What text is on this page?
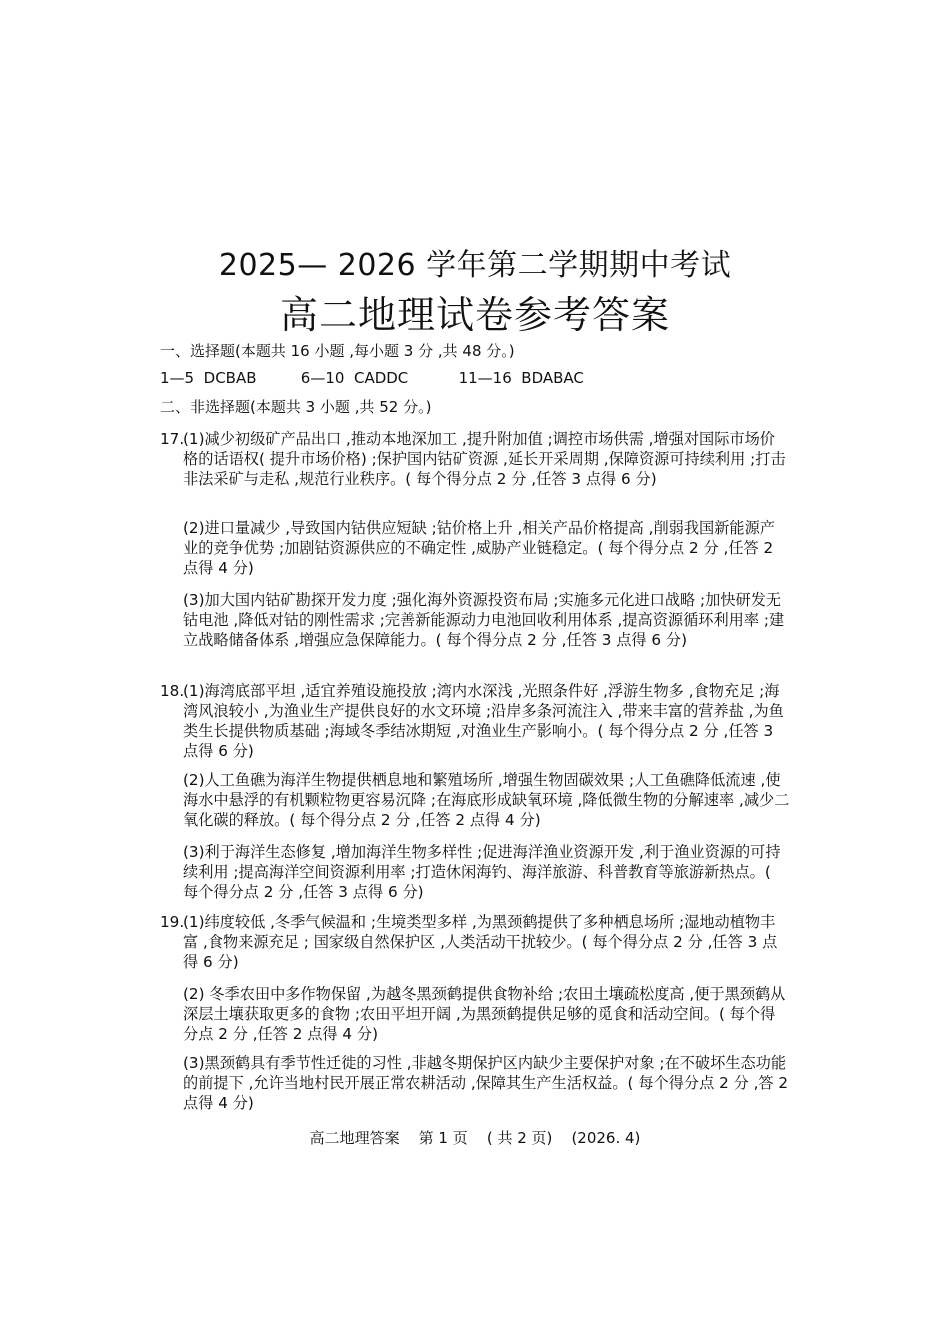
2025— 2026 学年第二学期期中考试
高二地理试卷参考答案
一、选择题(本题共 16 小题 ,每小题 3 分 ,共 48 分。)
1—5 DCBAB	6—10 CADDC	11—16 BDABAC
二、非选择题(本题共 3 小题 ,共 52 分。)
17.
(1)减少初级矿产品出口 ,推动本地深加工 ,提升附加值 ;调控市场供需 ,增强对国际市场价格的话语权( 提升市场价格) ;保护国内钴矿资源 ,延长开采周期 ,保障资源可持续利用 ;打击非法采矿与走私 ,规范行业秩序。( 每个得分点 2 分 ,任答 3 点得 6 分)
(2)进口量减少 ,导致国内钴供应短缺 ;钴价格上升 ,相关产品价格提高 ,削弱我国新能源产业的竞争优势 ;加剧钴资源供应的不确定性 ,威胁产业链稳定。( 每个得分点 2 分 ,任答 2 点得 4 分)
(3)加大国内钴矿勘探开发力度 ;强化海外资源投资布局 ;实施多元化进口战略 ;加快研发无钴电池 ,降低对钴的刚性需求 ;完善新能源动力电池回收利用体系 ,提高资源循环利用率 ;建立战略储备体系 ,增强应急保障能力。( 每个得分点 2 分 ,任答 3 点得 6 分)
18.
(1)海湾底部平坦 ,适宜养殖设施投放 ;湾内水深浅 ,光照条件好 ,浮游生物多 ,食物充足 ;海湾风浪较小 ,为渔业生产提供良好的水文环境 ;沿岸多条河流注入 ,带来丰富的营养盐 ,为鱼类生长提供物质基础 ;海域冬季结冰期短 ,对渔业生产影响小。( 每个得分点 2 分 ,任答 3 点得 6 分)
(2)人工鱼礁为海洋生物提供栖息地和繁殖场所 ,增强生物固碳效果 ;人工鱼礁降低流速 ,使海水中悬浮的有机颗粒物更容易沉降 ;在海底形成缺氧环境 ,降低微生物的分解速率 ,减少二氧化碳的释放。( 每个得分点 2 分 ,任答 2 点得 4 分)
(3)利于海洋生态修复 ,增加海洋生物多样性 ;促进海洋渔业资源开发 ,利于渔业资源的可持续利用 ;提高海洋空间资源利用率 ;打造休闲海钓、海洋旅游、科普教育等旅游新热点。( 每个得分点 2 分 ,任答 3 点得 6 分)
19.
(1)纬度较低 ,冬季气候温和 ;生境类型多样 ,为黑颈鹤提供了多种栖息场所 ;湿地动植物丰富 ,食物来源充足 ; 国家级自然保护区 ,人类活动干扰较少。( 每个得分点 2 分 ,任答 3 点得 6 分)
(2) 冬季农田中多作物保留 ,为越冬黑颈鹤提供食物补给 ;农田土壤疏松度高 ,便于黑颈鹤从深层土壤获取更多的食物 ;农田平坦开阔 ,为黑颈鹤提供足够的觅食和活动空间。( 每个得分点 2 分 ,任答 2 点得 4 分)
(3)黑颈鹤具有季节性迁徙的习性 ,非越冬期保护区内缺少主要保护对象 ;在不破坏生态功能的前提下 ,允许当地村民开展正常农耕活动 ,保障其生产生活权益。( 每个得分点 2 分 ,答 2 点得 4 分)
高二地理答案    第 1 页    ( 共 2 页)    (2026. 4)
